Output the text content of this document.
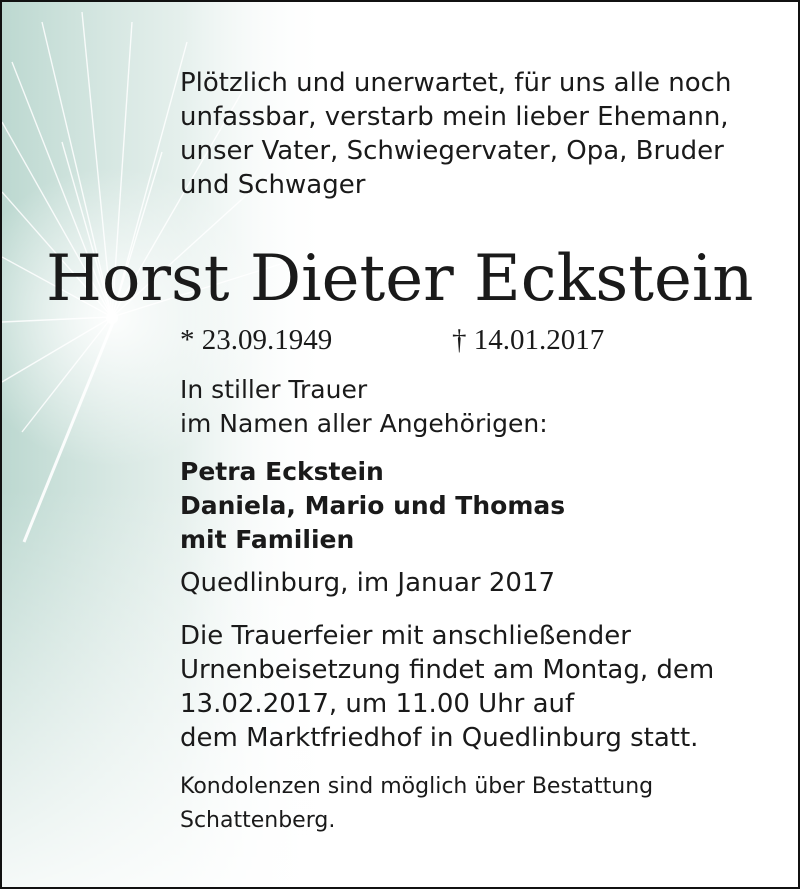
Plötzlich und unerwartet, für uns alle noch
unfassbar, verstarb mein lieber Ehemann,
unser Vater, Schwiegervater, Opa, Bruder
und Schwager
Horst Dieter Eckstein
* 23.09.1949	† 14.01.2017
In stiller Trauer
im Namen aller Angehörigen:
Petra Eckstein
Daniela, Mario und Thomas
mit Familien
Quedlinburg, im Januar 2017
Die Trauerfeier mit anschließender
Urnenbeisetzung findet am Montag, dem
13.02.2017, um 11.00 Uhr auf
dem Marktfriedhof in Quedlinburg statt.
Kondolenzen sind möglich über Bestattung
Schattenberg.
